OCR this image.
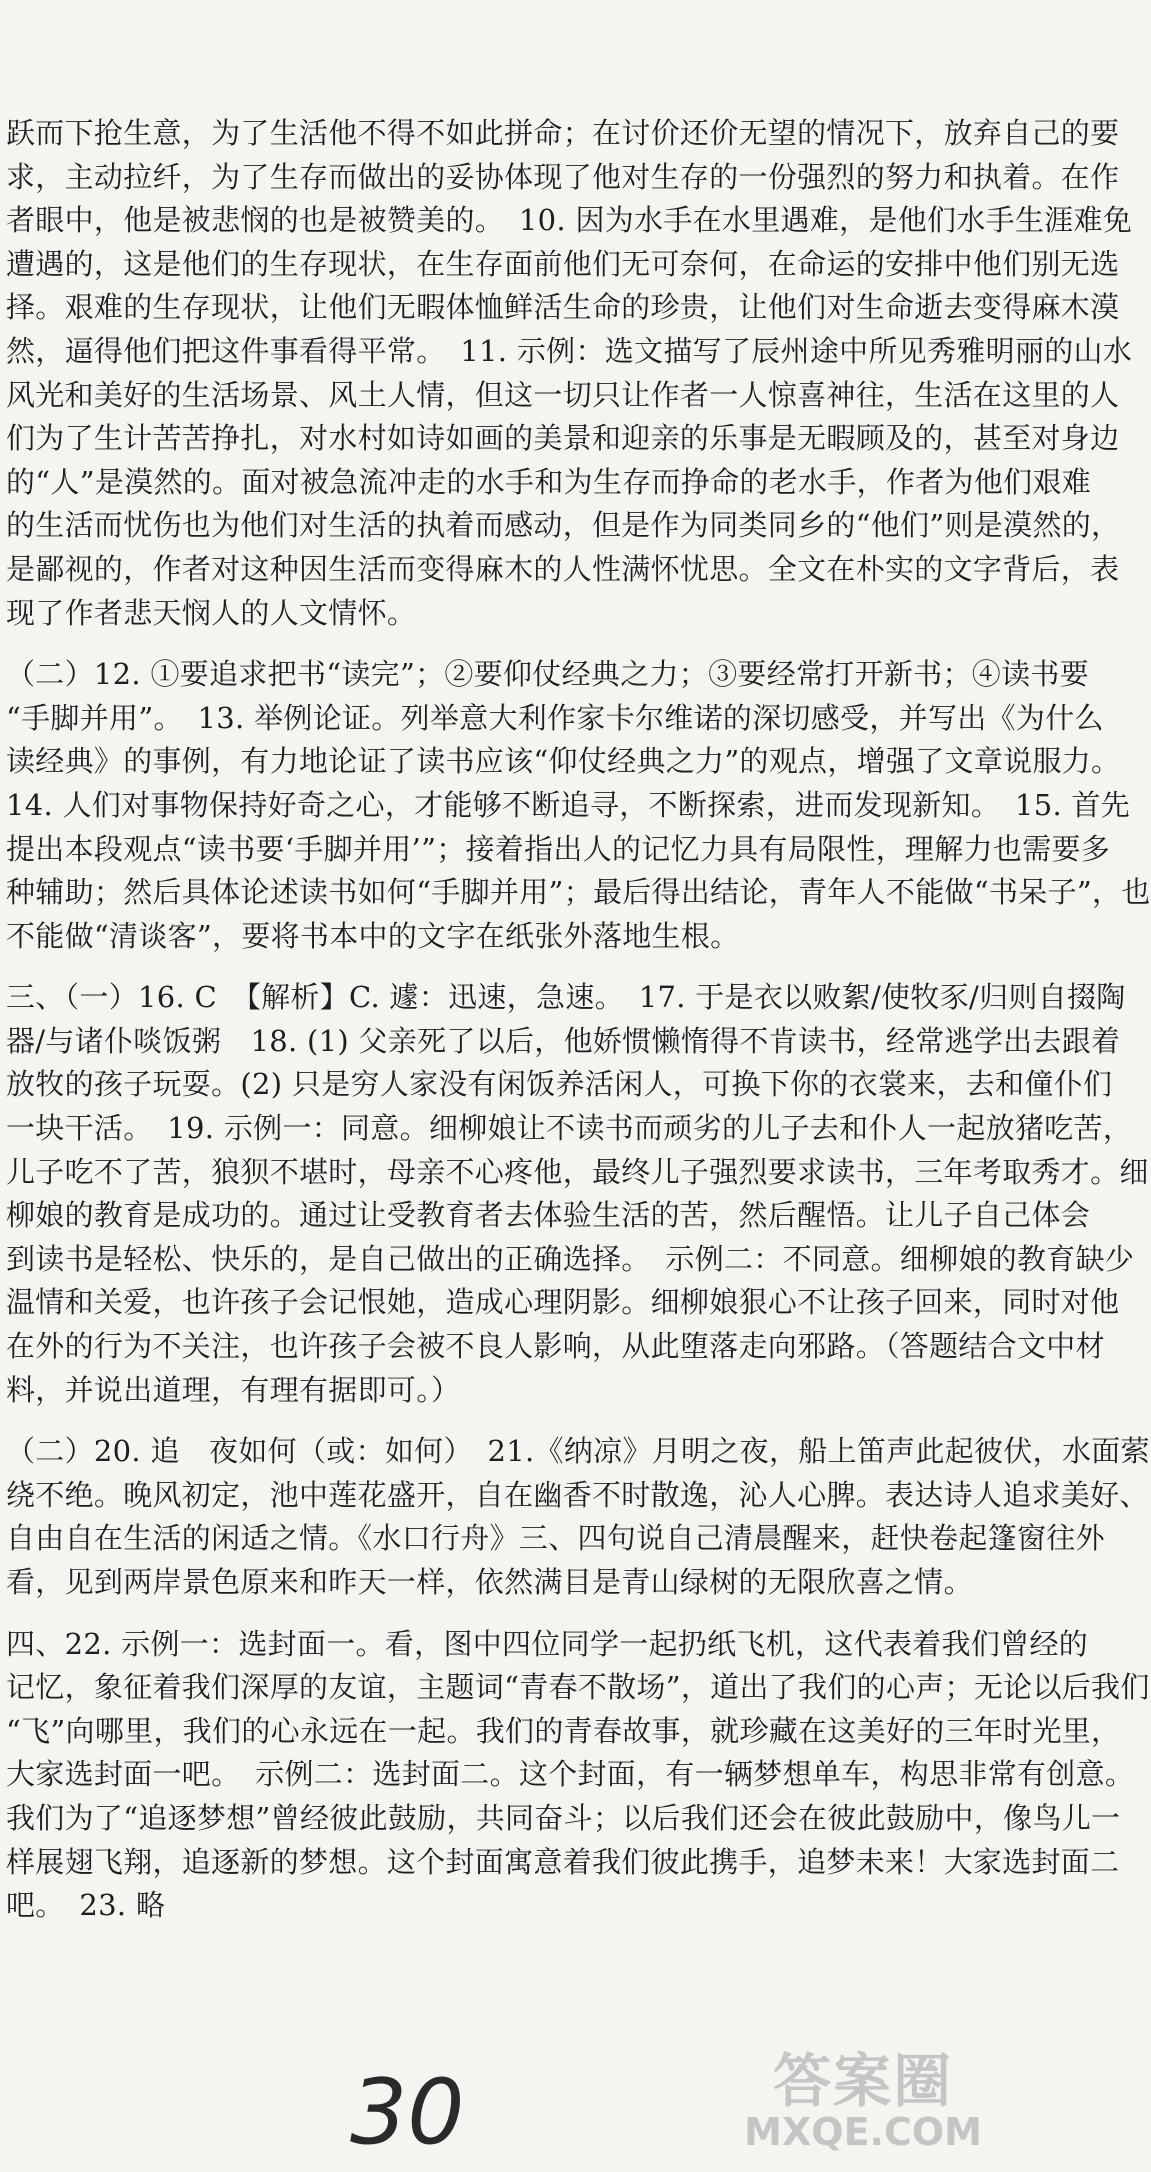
跃而下抢生意，为了生活他不得不如此拼命；在讨价还价无望的情况下，放弃自己的要
求，主动拉纤，为了生存而做出的妥协体现了他对生存的一份强烈的努力和执着。在作
者眼中，他是被悲悯的也是被赞美的。　10. 因为水手在水里遇难，是他们水手生涯难免
遭遇的，这是他们的生存现状，在生存面前他们无可奈何，在命运的安排中他们别无选
择。艰难的生存现状，让他们无暇体恤鲜活生命的珍贵，让他们对生命逝去变得麻木漠
然，逼得他们把这件事看得平常。　11. 示例：选文描写了辰州途中所见秀雅明丽的山水
风光和美好的生活场景、风土人情，但这一切只让作者一人惊喜神往，生活在这里的人
们为了生计苦苦挣扎，对水村如诗如画的美景和迎亲的乐事是无暇顾及的，甚至对身边
的“人”是漠然的。面对被急流冲走的水手和为生存而挣命的老水手，作者为他们艰难
的生活而忧伤也为他们对生活的执着而感动，但是作为同类同乡的“他们”则是漠然的，
是鄙视的，作者对这种因生活而变得麻木的人性满怀忧思。全文在朴实的文字背后，表
现了作者悲天悯人的人文情怀。
（二）12. ①要追求把书“读完”；②要仰仗经典之力；③要经常打开新书；④读书要
“手脚并用”。　13. 举例论证。列举意大利作家卡尔维诺的深切感受，并写出《为什么
读经典》的事例，有力地论证了读书应该“仰仗经典之力”的观点，增强了文章说服力。
14. 人们对事物保持好奇之心，才能够不断追寻，不断探索，进而发现新知。　15. 首先
提出本段观点“读书要‘手脚并用’”；接着指出人的记忆力具有局限性，理解力也需要多
种辅助；然后具体论述读书如何“手脚并用”；最后得出结论，青年人不能做“书呆子”，也
不能做“清谈客”，要将书本中的文字在纸张外落地生根。
三、（一）16. C　【解析】C. 遽：迅速，急速。　17. 于是衣以败絮/使牧豕/归则自掇陶
器/与诸仆啖饭粥　18. (1) 父亲死了以后，他娇惯懒惰得不肯读书，经常逃学出去跟着
放牧的孩子玩耍。(2) 只是穷人家没有闲饭养活闲人，可换下你的衣裳来，去和僮仆们
一块干活。　19. 示例一：同意。细柳娘让不读书而顽劣的儿子去和仆人一起放猪吃苦，
儿子吃不了苦，狼狈不堪时，母亲不心疼他，最终儿子强烈要求读书，三年考取秀才。细
柳娘的教育是成功的。通过让受教育者去体验生活的苦，然后醒悟。让儿子自己体会
到读书是轻松、快乐的，是自己做出的正确选择。　示例二：不同意。细柳娘的教育缺少
温情和关爱，也许孩子会记恨她，造成心理阴影。细柳娘狠心不让孩子回来，同时对他
在外的行为不关注，也许孩子会被不良人影响，从此堕落走向邪路。（答题结合文中材
料，并说出道理，有理有据即可。）
（二）20. 追　夜如何（或：如何）　21.《纳凉》月明之夜，船上笛声此起彼伏，水面萦
绕不绝。晚风初定，池中莲花盛开，自在幽香不时散逸，沁人心脾。表达诗人追求美好、
自由自在生活的闲适之情。《水口行舟》三、四句说自己清晨醒来，赶快卷起篷窗往外
看，见到两岸景色原来和昨天一样，依然满目是青山绿树的无限欣喜之情。
四、22. 示例一：选封面一。看，图中四位同学一起扔纸飞机，这代表着我们曾经的
记忆，象征着我们深厚的友谊，主题词“青春不散场”，道出了我们的心声；无论以后我们
“飞”向哪里，我们的心永远在一起。我们的青春故事，就珍藏在这美好的三年时光里，
大家选封面一吧。　示例二：选封面二。这个封面，有一辆梦想单车，构思非常有创意。
我们为了“追逐梦想”曾经彼此鼓励，共同奋斗；以后我们还会在彼此鼓励中，像鸟儿一
样展翅飞翔，追逐新的梦想。这个封面寓意着我们彼此携手，追梦未来！大家选封面二
吧。　23. 略
30	答案圈
MXQE.COM
